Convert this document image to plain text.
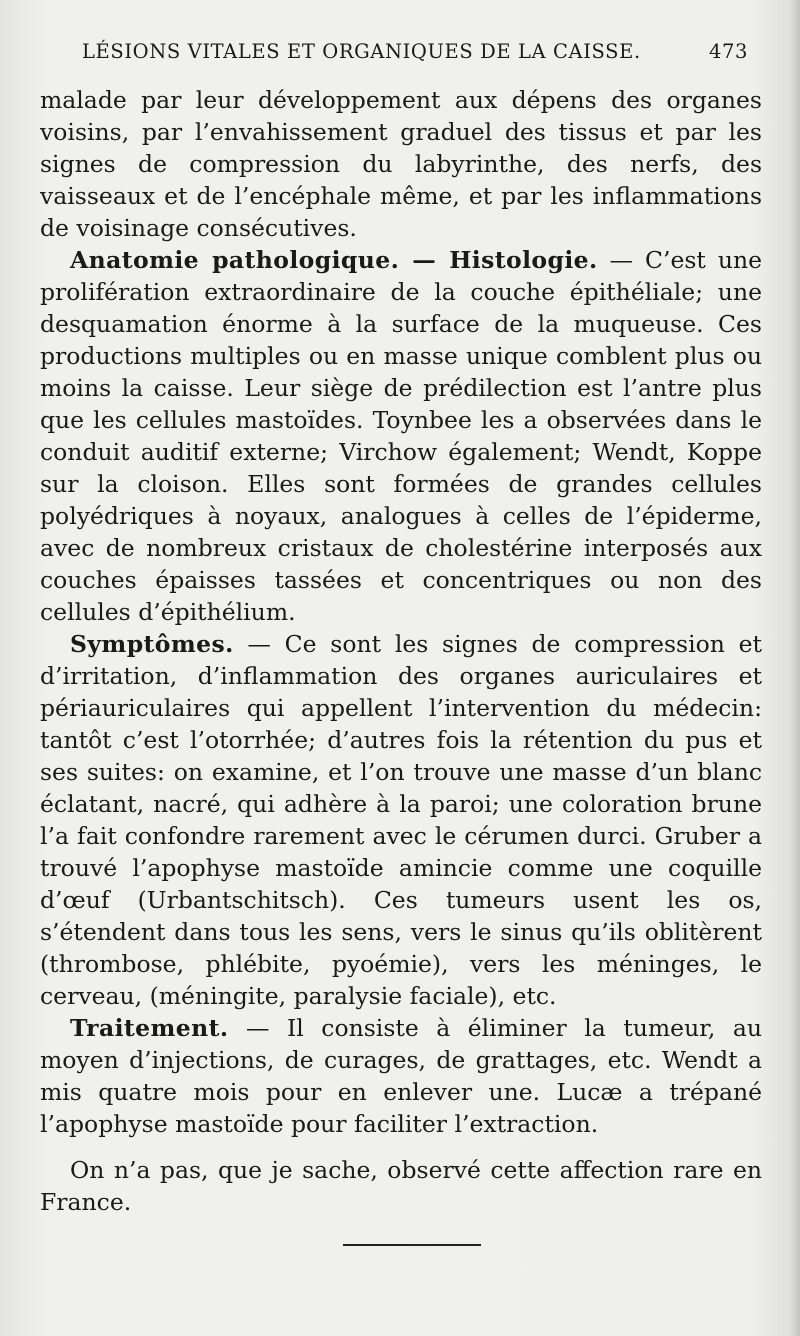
LÉSIONS VITALES ET ORGANIQUES DE LA CAISSE.	473

malade par leur développement aux dépens des organes voisins, par l’envahissement graduel des tissus et par les signes de compression du labyrinthe, des nerfs, des vaisseaux et de l’encéphale même, et par les inflammations de voisinage consécutives.

Anatomie pathologique. — Histologie. — C’est une prolifération extraordinaire de la couche épithéliale; une desquamation énorme à la surface de la muqueuse. Ces productions multiples ou en masse unique comblent plus ou moins la caisse. Leur siège de prédilection est l’antre plus que les cellules mastoïdes. Toynbee les a observées dans le conduit auditif externe; Virchow également; Wendt, Koppe sur la cloison. Elles sont formées de grandes cellules polyédriques à noyaux, analogues à celles de l’épiderme, avec de nombreux cristaux de cholestérine interposés aux couches épaisses tassées et concentriques ou non des cellules d’épithélium.

Symptômes. — Ce sont les signes de compression et d’irritation, d’inflammation des organes auriculaires et périauriculaires qui appellent l’intervention du médecin: tantôt c’est l’otorrhée; d’autres fois la rétention du pus et ses suites: on examine, et l’on trouve une masse d’un blanc éclatant, nacré, qui adhère à la paroi; une coloration brune l’a fait confondre rarement avec le cérumen durci. Gruber a trouvé l’apophyse mastoïde amincie comme une coquille d’œuf (Urbantschitsch). Ces tumeurs usent les os, s’étendent dans tous les sens, vers le sinus qu’ils oblitèrent (thrombose, phlébite, pyoémie), vers les méninges, le cerveau, (méningite, paralysie faciale), etc.

Traitement. — Il consiste à éliminer la tumeur, au moyen d’injections, de curages, de grattages, etc. Wendt a mis quatre mois pour en enlever une. Lucæ a trépané l’apophyse mastoïde pour faciliter l’extraction.

On n’a pas, que je sache, observé cette affection rare en France.
